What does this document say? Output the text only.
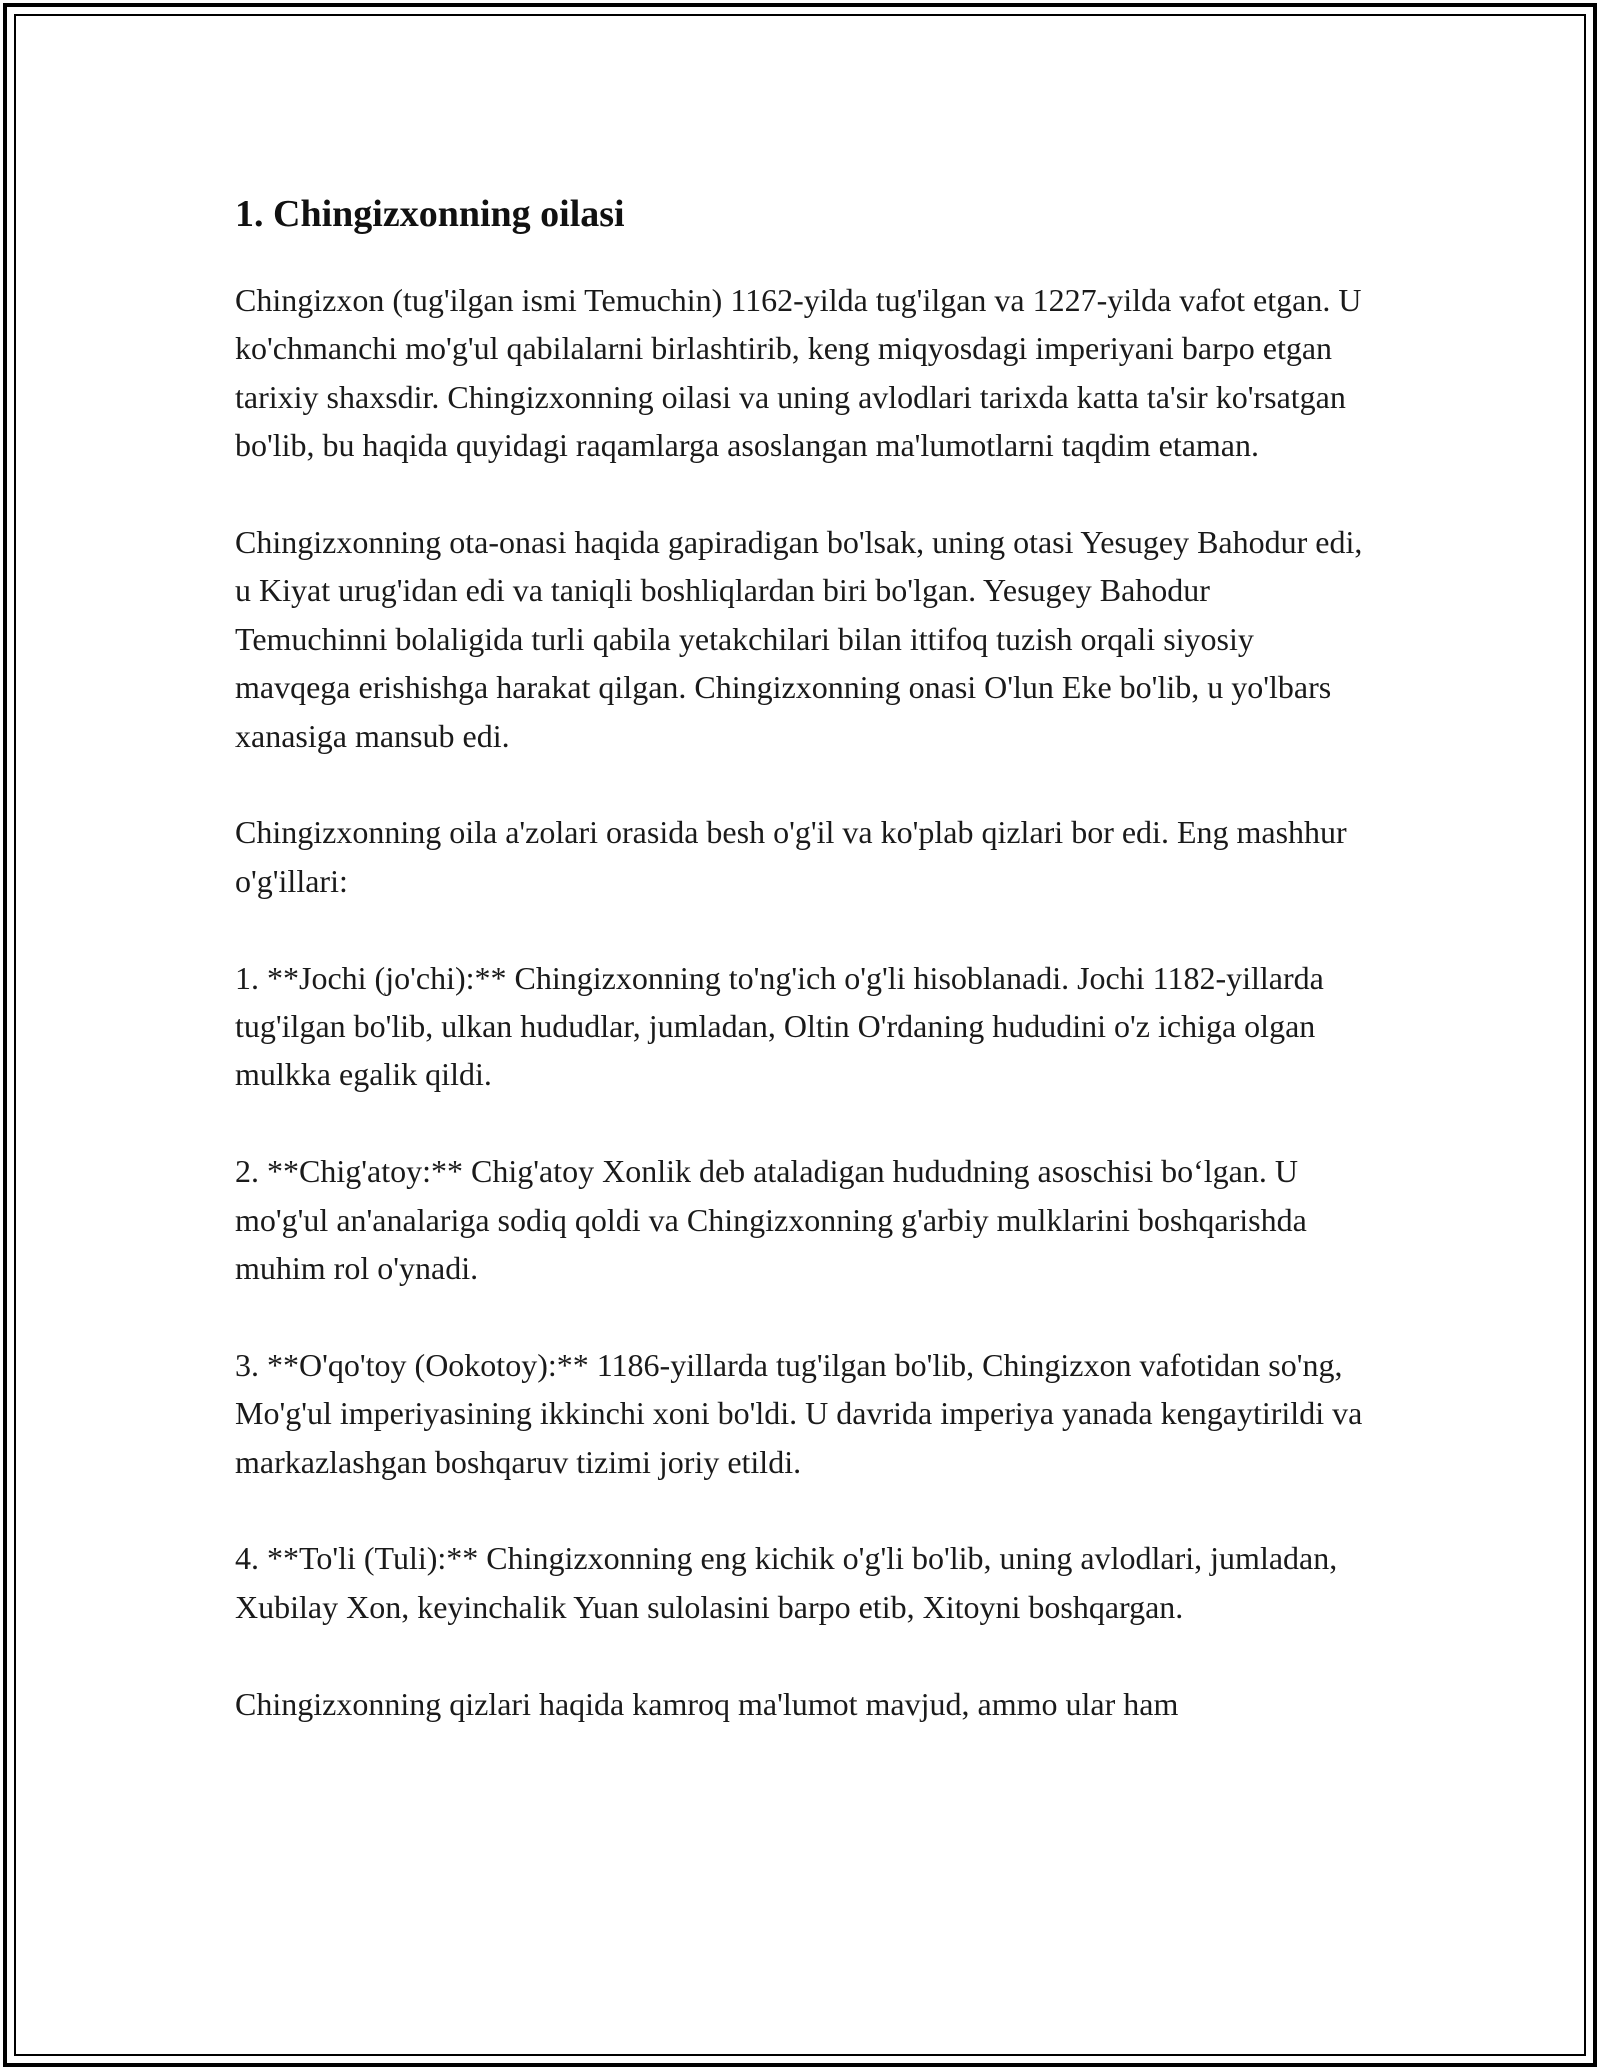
1. Chingizxonning oilasi

Chingizxon (tug'ilgan ismi Temuchin) 1162-yilda tug'ilgan va 1227-yilda vafot etgan. U ko'chmanchi mo'g'ul qabilalarni birlashtirib, keng miqyosdagi imperiyani barpo etgan tarixiy shaxsdir. Chingizxonning oilasi va uning avlodlari tarixda katta ta'sir ko'rsatgan bo'lib, bu haqida quyidagi raqamlarga asoslangan ma'lumotlarni taqdim etaman.

Chingizxonning ota-onasi haqida gapiradigan bo'lsak, uning otasi Yesugey Bahodur edi, u Kiyat urug'idan edi va taniqli boshliqlardan biri bo'lgan. Yesugey Bahodur Temuchinni bolaligida turli qabila yetakchilari bilan ittifoq tuzish orqali siyosiy mavqega erishishga harakat qilgan. Chingizxonning onasi O'lun Eke bo'lib, u yo'lbars xanasiga mansub edi.

Chingizxonning oila a'zolari orasida besh o'g'il va ko'plab qizlari bor edi. Eng mashhur o'g'illari:

1. **Jochi (jo'chi):** Chingizxonning to'ng'ich o'g'li hisoblanadi. Jochi 1182-yillarda tug'ilgan bo'lib, ulkan hududlar, jumladan, Oltin O'rdaning hududini o'z ichiga olgan mulkka egalik qildi.

2. **Chig'atoy:** Chig'atoy Xonlik deb ataladigan hududning asoschisi bo‘lgan. U mo'g'ul an'analariga sodiq qoldi va Chingizxonning g'arbiy mulklarini boshqarishda muhim rol o'ynadi.

3. **O'qo'toy (Ookotoy):** 1186-yillarda tug'ilgan bo'lib, Chingizxon vafotidan so'ng, Mo'g'ul imperiyasining ikkinchi xoni bo'ldi. U davrida imperiya yanada kengaytirildi va markazlashgan boshqaruv tizimi joriy etildi.

4. **To'li (Tuli):** Chingizxonning eng kichik o'g'li bo'lib, uning avlodlari, jumladan, Xubilay Xon, keyinchalik Yuan sulolasini barpo etib, Xitoyni boshqargan.

Chingizxonning qizlari haqida kamroq ma'lumot mavjud, ammo ular ham
